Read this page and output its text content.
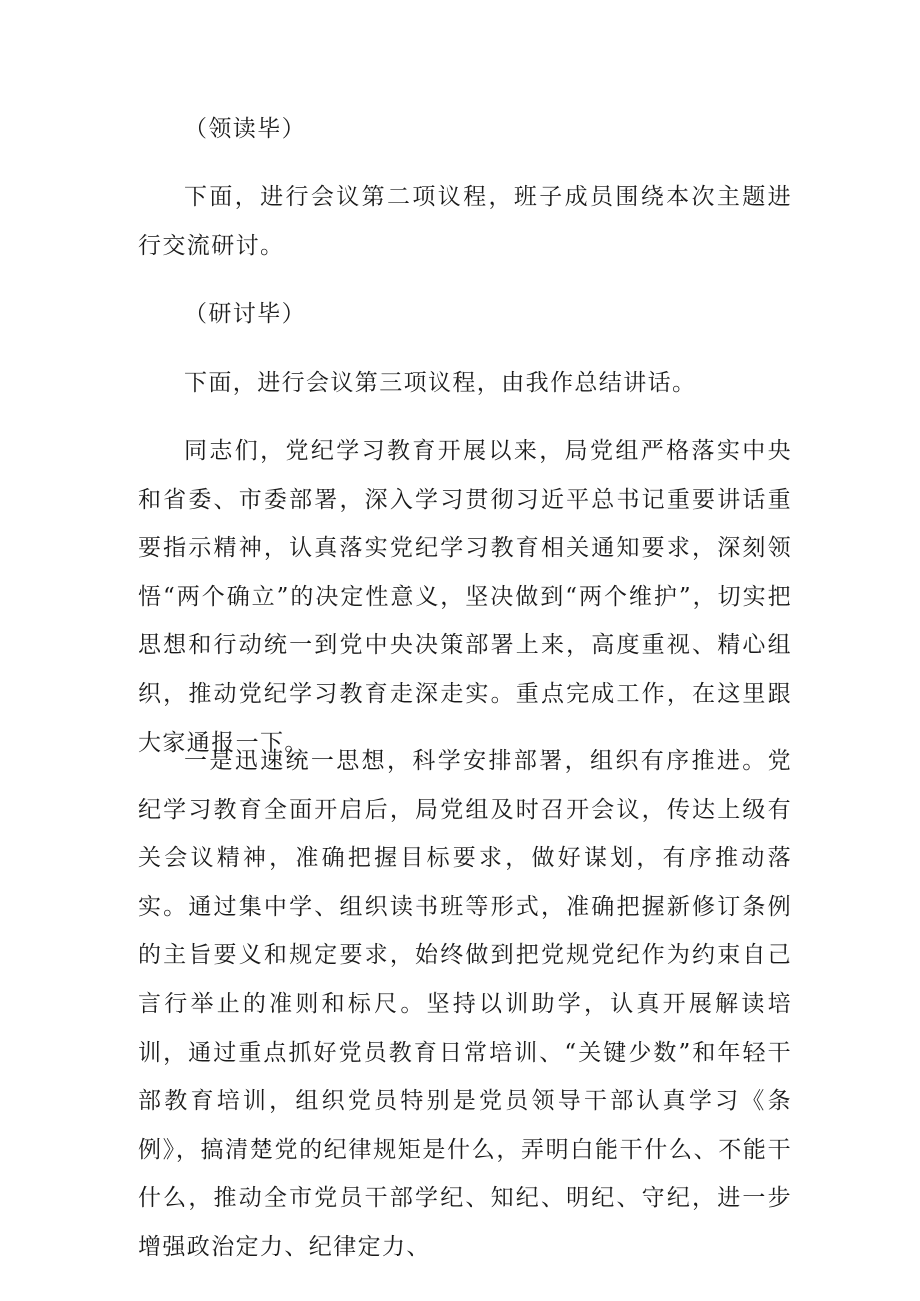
（领读毕）

下面，进行会议第二项议程，班子成员围绕本次主题进行交流研讨。

（研讨毕）

下面，进行会议第三项议程，由我作总结讲话。

同志们，党纪学习教育开展以来，局党组严格落实中央和省委、市委部署，深入学习贯彻习近平总书记重要讲话重要指示精神，认真落实党纪学习教育相关通知要求，深刻领悟“两个确立”的决定性意义，坚决做到“两个维护”，切实把思想和行动统一到党中央决策部署上来，高度重视、精心组织，推动党纪学习教育走深走实。重点完成工作，在这里跟大家通报一下。

一是迅速统一思想，科学安排部署，组织有序推进。党纪学习教育全面开启后，局党组及时召开会议，传达上级有关会议精神，准确把握目标要求，做好谋划，有序推动落实。通过集中学、组织读书班等形式，准确把握新修订条例的主旨要义和规定要求，始终做到把党规党纪作为约束自己言行举止的准则和标尺。坚持以训助学，认真开展解读培训，通过重点抓好党员教育日常培训、“关键少数”和年轻干部教育培训，组织党员特别是党员领导干部认真学习《条例》，搞清楚党的纪律规矩是什么，弄明白能干什么、不能干什么，推动全市党员干部学纪、知纪、明纪、守纪，进一步增强政治定力、纪律定力、
